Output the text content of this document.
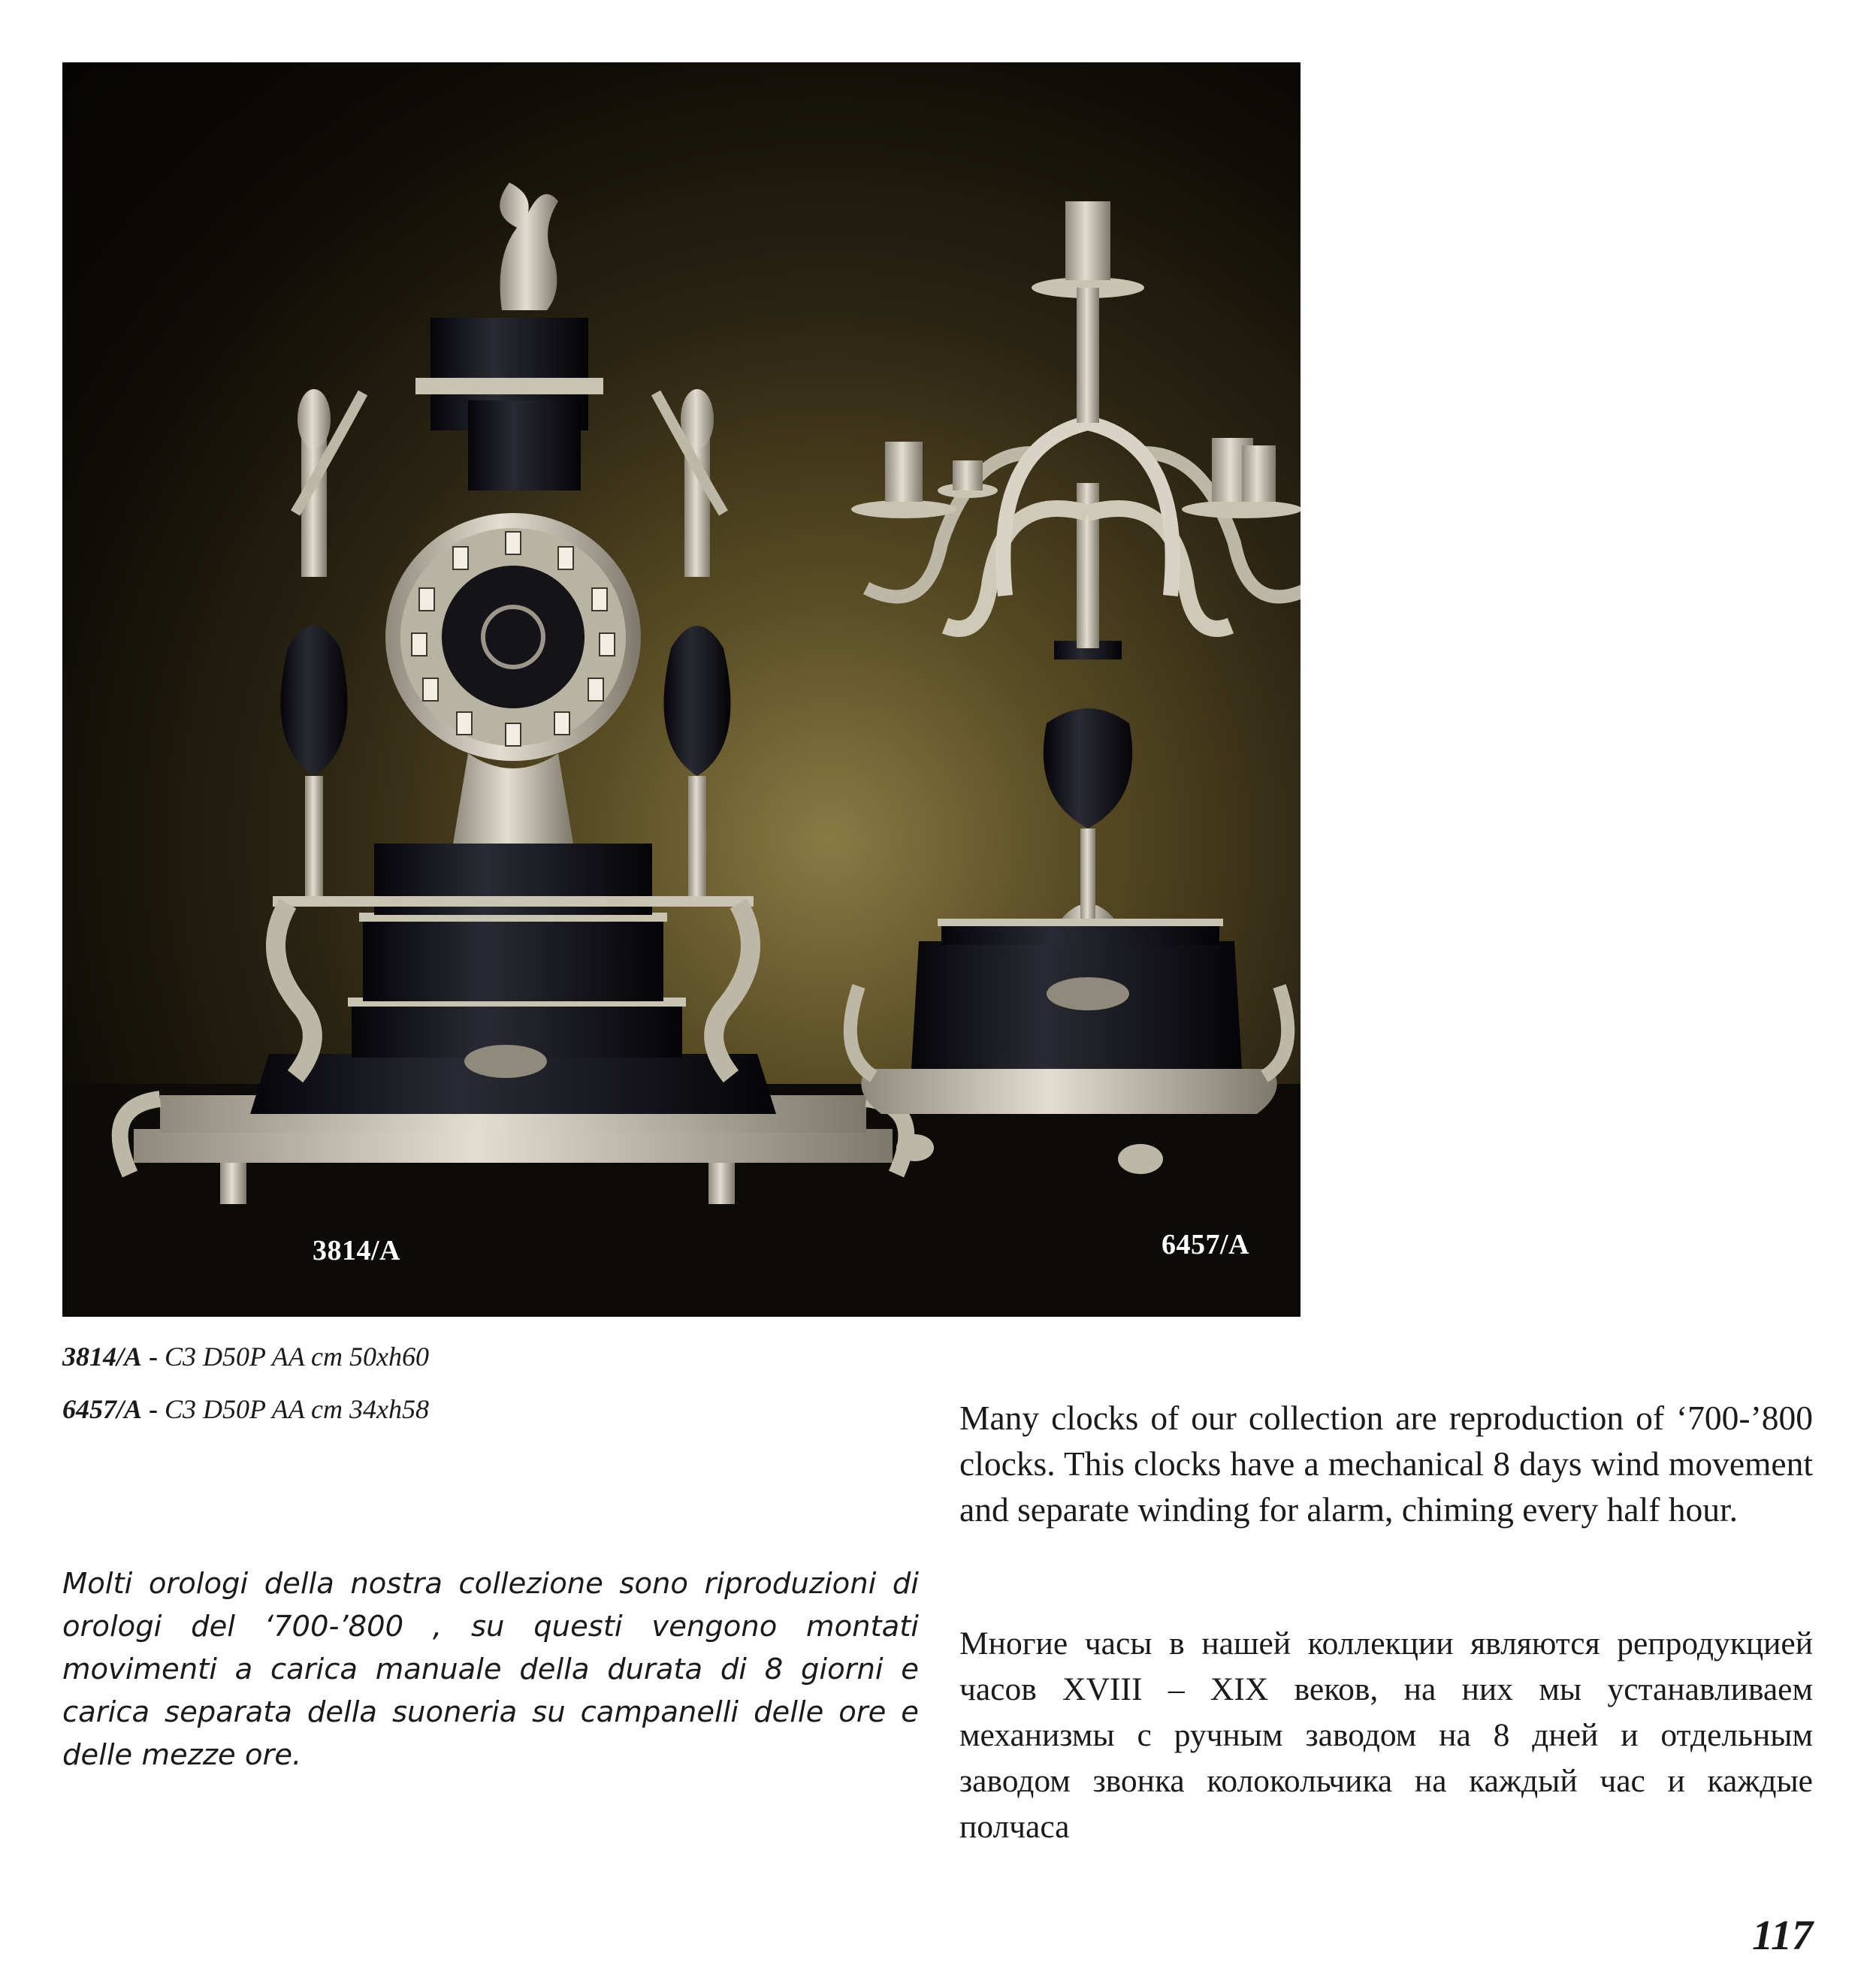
3814/A	6457/A
3814/A - C3 D50P AA cm 50xh60
6457/A - C3 D50P AA cm 34xh58

Molti orologi della nostra collezione sono riproduzioni di orologi del ‘700-’800 , su questi vengono montati movimenti a carica manuale della durata di 8 giorni e carica separata della suoneria su campanelli delle ore e delle mezze ore.

Many clocks of our collection are reproduction of ‘700-’800 clocks. This clocks have a mechanical 8 days wind movement and separate winding for alarm, chiming every half hour.

Многие часы в нашей коллекции являются репродукцией часов XVIII – XIX веков, на них мы устанавливаем механизмы с ручным заводом на 8 дней и отдельным заводом звонка колокольчика на каждый час и каждые полчаса

117
